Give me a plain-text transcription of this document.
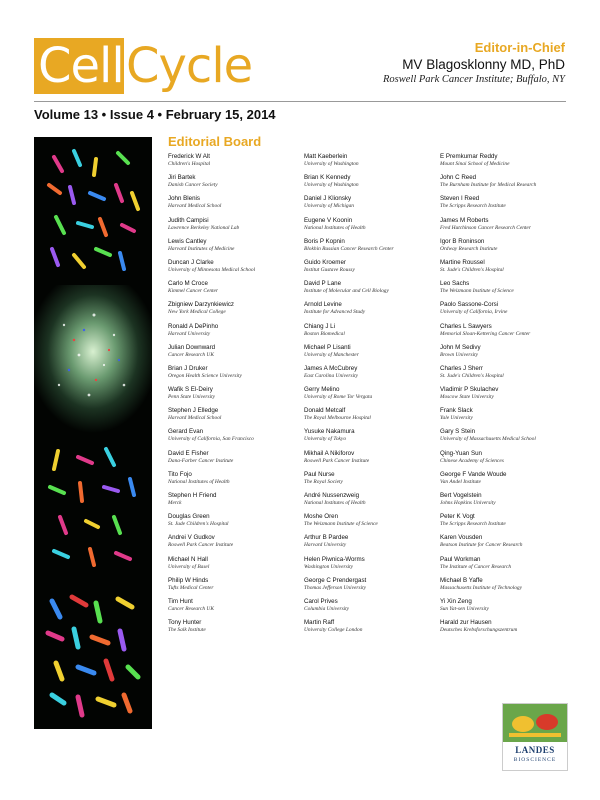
Cell Cycle	Editor-in-Chief
MV Blagosklonny MD, PhD
Roswell Park Cancer Institute; Buffalo, NY
Volume 13 • Issue 4 • February 15, 2014
Editorial Board
Frederick W Alt
Children's Hospital
Jiri Bartek
Danish Cancer Society
John Blenis
Harvard Medical School
Judith Campisi
Lawrence Berkeley National Lab
Lewis Cantley
Harvard Institutes of Medicine
Duncan J Clarke
University of Minnesota Medical School
Carlo M Croce
Kimmel Cancer Center
Zbigniew Darzynkiewicz
New York Medical College
Ronald A DePinho
Harvard University
Julian Downward
Cancer Research UK
Brian J Druker
Oregon Health Science University
Wafik S El-Deiry
Penn State University
Stephen J Elledge
Harvard Medical School
Gerard Evan
University of California, San Francisco
David E Fisher
Dana-Farber Cancer Institute
Tito Fojo
National Institutes of Health
Stephen H Friend
Merck
Douglas Green
St. Jude Children's Hospital
Andrei V Gudkov
Roswell Park Cancer Institute
Michael N Hall
University of Basel
Philip W Hinds
Tufts Medical Center
Tim Hunt
Cancer Research UK
Tony Hunter
The Salk Institute
Matt Kaeberlein
University of Washington
Brian K Kennedy
University of Washington
Daniel J Klionsky
University of Michigan
Eugene V Koonin
National Institutes of Health
Boris P Kopnin
Blokhin Russian Cancer Research Center
Guido Kroemer
Institut Gustave Roussy
David P Lane
Institute of Molecular and Cell Biology
Arnold Levine
Institute for Advanced Study
Chiang J Li
Boston Biomedical
Michael P Lisanti
University of Manchester
James A McCubrey
East Carolina University
Gerry Melino
University of Rome Tor Vergata
Donald Metcalf
The Royal Melbourne Hospital
Yusuke Nakamura
University of Tokyo
Mikhail A Nikiforov
Roswell Park Cancer Institute
Paul Nurse
The Royal Society
André Nussenzweig
National Institutes of Health
Moshe Oren
The Weizmann Institute of Science
Arthur B Pardee
Harvard University
Helen Piwnica-Worms
Washington University
George C Prendergast
Thomas Jefferson University
Carol Prives
Columbia University
Martin Raff
University College London
E Premkumar Reddy
Mount Sinai School of Medicine
John C Reed
The Burnham Institute for Medical Research
Steven I Reed
The Scripps Research Institute
James M Roberts
Fred Hutchinson Cancer Research Center
Igor B Roninson
Ordway Research Institute
Martine Roussel
St. Jude's Children's Hospital
Leo Sachs
The Weizmann Institute of Science
Paolo Sassone-Corsi
University of California, Irvine
Charles L Sawyers
Memorial Sloan-Kettering Cancer Center
John M Sedivy
Brown University
Charles J Sherr
St. Jude's Children's Hospital
Vladimir P Skulachev
Moscow State University
Frank Slack
Yale University
Gary S Stein
University of Massachusetts Medical School
Qing-Yuan Sun
Chinese Academy of Sciences
George F Vande Woude
Van Andel Institute
Bert Vogelstein
Johns Hopkins University
Peter K Vogt
The Scripps Research Institute
Karen Vousden
Beatson Institute for Cancer Research
Paul Workman
The Institute of Cancer Research
Michael B Yaffe
Massachusetts Institute of Technology
Yi Xin Zeng
Sun Yat-sen University
Harald zur Hausen
Deutsches Krebsforschungszentrum
LANDES
BIOSCIENCE
